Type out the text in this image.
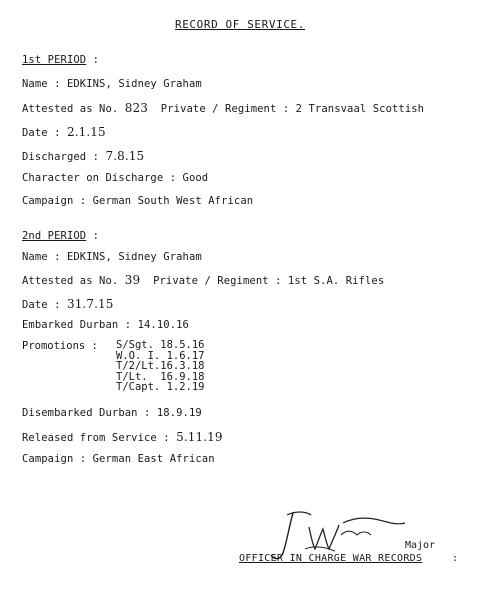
RECORD OF SERVICE.
1st PERIOD :
Name : EDKINS, Sidney Graham
Attested as No. 823  Private / Regiment : 2 Transvaal Scottish
Date : 2.1.15
Discharged : 7.8.15
Character on Discharge : Good
Campaign : German South West African
2nd PERIOD :
Name : EDKINS, Sidney Graham
Attested as No. 39  Private / Regiment : 1st S.A. Rifles
Date : 31.7.15
Embarked Durban : 14.10.16
Promotions : S/Sgt. 18.5.16
W.O. I. 1.6.17
T/2/Lt.16.3.18
T/Lt.  16.9.18
T/Capt. 1.2.19
Disembarked Durban : 18.9.19
Released from Service : 5.11.19
Campaign : German East African
Major
OFFICER IN CHARGE WAR RECORDS	:
